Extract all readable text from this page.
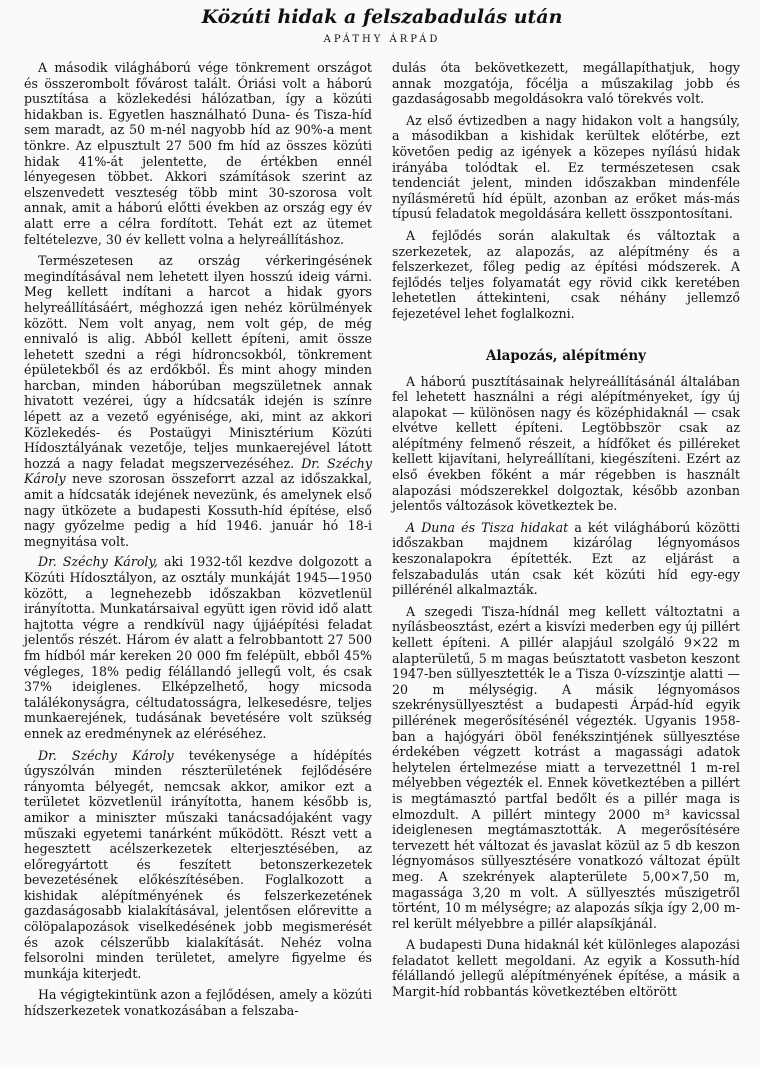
Közúti hidak a felszabadulás után
APÁTHY ÁRPÁD

A második világháború vége tönkrement országot és összerombolt fővárost talált. Óriási volt a háború pusztítása a közlekedési hálózatban, így a közúti hidakban is. Egyetlen használható Duna- és Tisza-híd sem maradt, az 50 m-nél nagyobb híd az 90%-a ment tönkre. Az elpusztult 27 500 fm híd az összes közúti hidak 41%-át jelentette, de értékben ennél lényegesen többet. Akkori számítások szerint az elszenvedett veszteség több mint 30-szorosa volt annak, amit a háború előtti években az ország egy év alatt erre a célra fordított. Tehát ezt az ütemet feltételezve, 30 év kellett volna a helyreállításhoz.

Természetesen az ország vérkeringésének megindításával nem lehetett ilyen hosszú ideig várni. Meg kellett indítani a harcot a hidak gyors helyreállításáért, méghozzá igen nehéz körülmények között. Nem volt anyag, nem volt gép, de még ennivaló is alig. Abból kellett építeni, amit össze lehetett szedni a régi hídroncsokból, tönkrement épületekből és az erdőkből. És mint ahogy minden harcban, minden háborúban megszületnek annak hivatott vezérei, úgy a hídcsaták idején is színre lépett az a vezető egyénisége, aki, mint az akkori Közlekedés- és Postaügyi Minisztérium Közúti Hídosztályának vezetője, teljes munkaerejével látott hozzá a nagy feladat megszervezéséhez. Dr. Széchy Károly neve szorosan összeforrt azzal az időszakkal, amit a hídcsaták idejének nevezünk, és amelynek első nagy ütközete a budapesti Kossuth-híd építése, első nagy győzelme pedig a híd 1946. január hó 18-i megnyitása volt.

Dr. Széchy Károly, aki 1932-től kezdve dolgozott a Közúti Hídosztályon, az osztály munkáját 1945—1950 között, a legnehezebb időszakban közvetlenül irányította. Munkatársaival együtt igen rövid idő alatt hajtotta végre a rendkívül nagy újjáépítési feladat jelentős részét. Három év alatt a felrobbantott 27 500 fm hídból már kereken 20 000 fm felépült, ebből 45% végleges, 18% pedig félállandó jellegű volt, és csak 37% ideiglenes. Elképzelhető, hogy micsoda találékonyságra, céltudatosságra, lelkesedésre, teljes munkaerejének, tudásának bevetésére volt szükség ennek az eredménynek az eléréséhez.

Dr. Széchy Károly tevékenysége a hídépítés úgyszólván minden részterületének fejlődésére rányomta bélyegét, nemcsak akkor, amikor ezt a területet közvetlenül irányította, hanem később is, amikor a miniszter műszaki tanácsadójaként vagy műszaki egyetemi tanárként működött. Részt vett a hegesztett acélszerkezetek elterjesztésében, az előregyártott és feszített betonszerkezetek bevezetésének előkészítésében. Foglalkozott a kishidak alépítményének és felszerkezetének gazdaságosabb kialakításával, jelentősen előrevitte a cölöpalapozások viselkedésének jobb megismerését és azok célszerűbb kialakítását. Nehéz volna felsorolni minden területet, amelyre figyelme és munkája kiterjedt.

Ha végigtekintünk azon a fejlődésen, amely a közúti hídszerkezetek vonatkozásában a felszaba-

dulás óta bekövetkezett, megállapíthatjuk, hogy annak mozgatója, főcélja a műszakilag jobb és gazdaságosabb megoldásokra való törekvés volt.

Az első évtizedben a nagy hidakon volt a hangsúly, a másodikban a kishidak kerültek előtérbe, ezt követően pedig az igények a közepes nyílású hidak irányába tolódtak el. Ez természetesen csak tendenciát jelent, minden időszakban mindenféle nyílásméretű híd épült, azonban az erőket más-más típusú feladatok megoldására kellett összpontosítani.

A fejlődés során alakultak és változtak a szerkezetek, az alapozás, az alépítmény és a felszerkezet, főleg pedig az építési módszerek. A fejlődés teljes folyamatát egy rövid cikk keretében lehetetlen áttekinteni, csak néhány jellemző fejezetével lehet foglalkozni.

Alapozás, alépítmény

A háború pusztításainak helyreállításánál általában fel lehetett használni a régi alépítményeket, így új alapokat — különösen nagy és középhidaknál — csak elvétve kellett építeni. Legtöbbször csak az alépítmény felmenő részeit, a hídfőket és pilléreket kellett kijavítani, helyreállítani, kiegészíteni. Ezért az első években főként a már régebben is használt alapozási módszerekkel dolgoztak, később azonban jelentős változások következtek be.

A Duna és Tisza hidakat a két világháború közötti időszakban majdnem kizárólag légnyomásos keszonalapokra építették. Ezt az eljárást a felszabadulás után csak két közúti híd egy-egy pillérénél alkalmazták.

A szegedi Tisza-hídnál meg kellett változtatni a nyílásbeosztást, ezért a kisvízi mederben egy új pillért kellett építeni. A pillér alapjául szolgáló 9×22 m alapterületű, 5 m magas beúsztatott vasbeton keszont 1947-ben süllyesztették le a Tisza 0-vízszintje alatti —20 m mélységig. A másik légnyomásos szekrénysüllyesztést a budapesti Árpád-híd egyik pillérének megerősítésénél végezték. Ugyanis 1958-ban a hajógyári öböl fenékszintjének süllyesztése érdekében végzett kotrást a magassági adatok helytelen értelmezése miatt a tervezettnél 1 m-rel mélyebben végezték el. Ennek következtében a pillért is megtámasztó partfal bedőlt és a pillér maga is elmozdult. A pillért mintegy 2000 m³ kavicssal ideiglenesen megtámasztották. A megerősítésére tervezett hét változat és javaslat közül az 5 db keszon légnyomásos süllyesztésére vonatkozó változat épült meg. A szekrények alapterülete 5,00×7,50 m, magassága 3,20 m volt. A süllyesztés műszigetről történt, 10 m mélységre; az alapozás síkja így 2,00 m-rel került mélyebbre a pillér alapsíkjánál.

A budapesti Duna hidaknál két különleges alapozási feladatot kellett megoldani. Az egyik a Kossuth-híd félállandó jellegű alépítményének építése, a másik a Margit-híd robbantás következtében eltörött
